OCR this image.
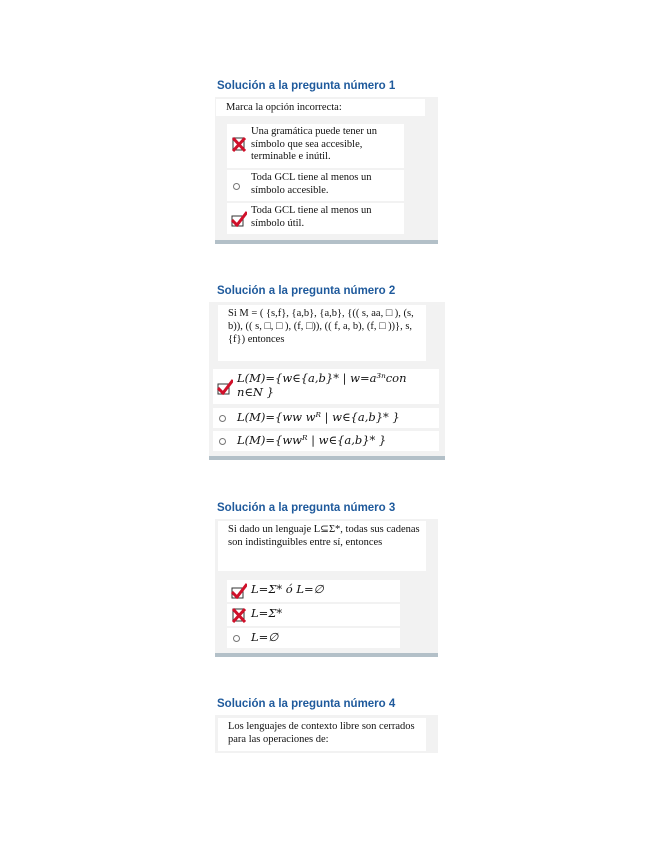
Solución a la pregunta número 1
Marca la opción incorrecta:
Una gramática puede tener un símbolo que sea accesible, terminable e inútil.
Toda GCL tiene al menos un símbolo accesible.
Toda GCL tiene al menos un símbolo útil.
Solución a la pregunta número 2
Si M = ( {s,f}, {a,b}, {a,b}, {(( s, aa, □ ), (s, b)), (( s, □, □ ), (f, □)), (( f, a, b), (f, □ ))}, s, {f}) entonces
L(M)={w∈{a,b}* | w=a³ⁿcon n∈N }
L(M)={ww wᴿ | w∈{a,b}* }
L(M)={wwᴿ | w∈{a,b}* }
Solución a la pregunta número 3
Si dado un lenguaje L⊆Σ*, todas sus cadenas son indistinguibles entre sí, entonces
L=Σ* ó L=∅
L=Σ*
L=∅
Solución a la pregunta número 4
Los lenguajes de contexto libre son cerrados para las operaciones de:
